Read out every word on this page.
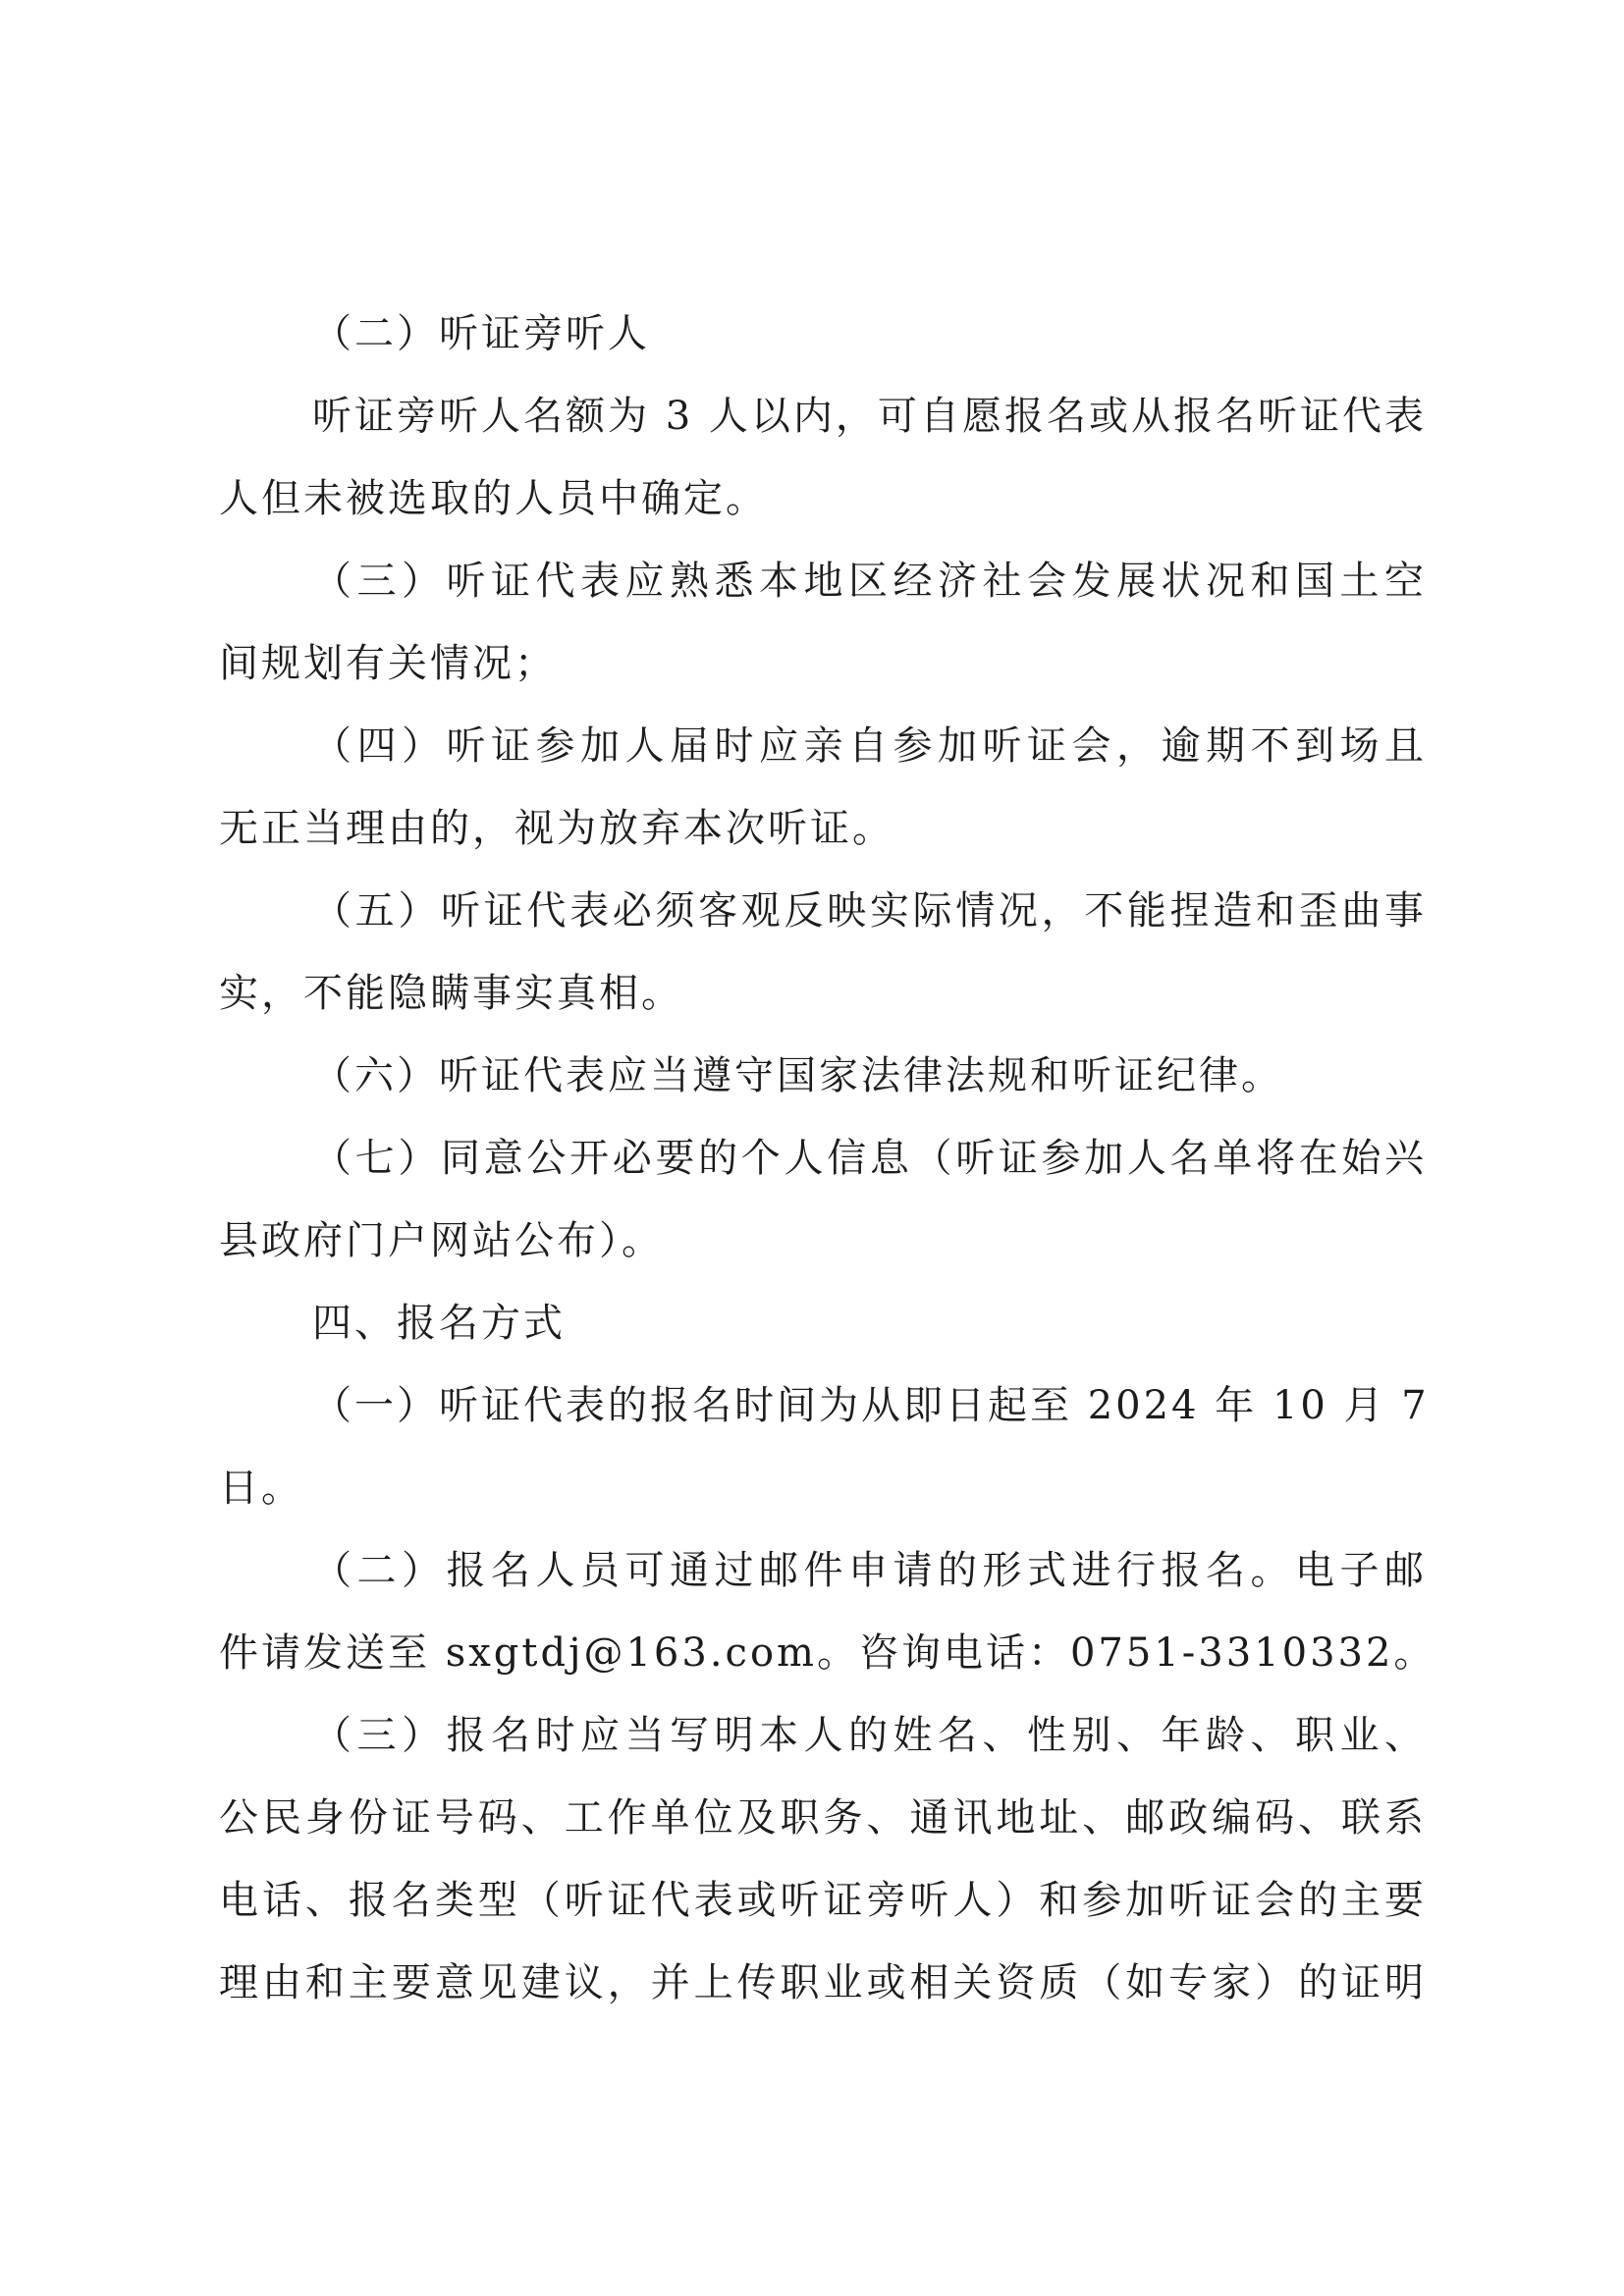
（二）听证旁听人
听证旁听人名额为 3 人以内，可自愿报名或从报名听证代表
人但未被选取的人员中确定。
（三）听证代表应熟悉本地区经济社会发展状况和国土空
间规划有关情况；
（四）听证参加人届时应亲自参加听证会，逾期不到场且
无正当理由的，视为放弃本次听证。
（五）听证代表必须客观反映实际情况，不能捏造和歪曲事
实，不能隐瞒事实真相。
（六）听证代表应当遵守国家法律法规和听证纪律。
（七）同意公开必要的个人信息（听证参加人名单将在始兴
县政府门户网站公布）。
四、报名方式
（一）听证代表的报名时间为从即日起至 2024 年 10 月 7
日。
（二）报名人员可通过邮件申请的形式进行报名。电子邮
件请发送至 sxgtdj@163.com。咨询电话：0751-3310332。
（三）报名时应当写明本人的姓名、性别、年龄、职业、
公民身份证号码、工作单位及职务、通讯地址、邮政编码、联系
电话、报名类型（听证代表或听证旁听人）和参加听证会的主要
理由和主要意见建议，并上传职业或相关资质（如专家）的证明
